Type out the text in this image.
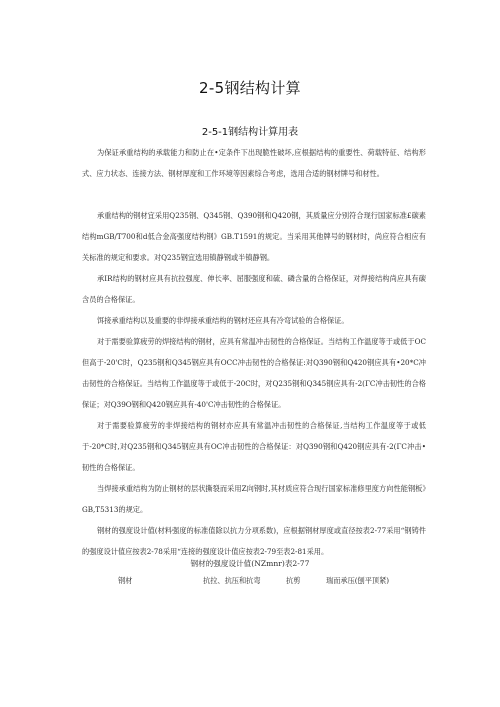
2-5钢结构计算
2-5-1钢结构计算用表

为保证承重结构的承载能力和防止在•定条件下出现脆性破坏,应根据结构的重要性、荷载特征、结构形式、应力状态、连接方法、钢材厚度和工作环境等因素综合考虑，选用合适的钢材牌号和材性。

承重结构的钢材宜采用Q235钢、Q345钢、Q390钢和Q420钢，其质量应分别符合现行国家标准£碳素结构mGB/T700和d低合金高强度结构钢》GB.T1591的规定。当采用其他牌号的钢材时，尚应符合相应有关标准的规定和要求。对Q235钢宜选用镇静钢或半镇静钢。

承IR结构的钢材应具有抗拉强度、伸长率、屈服强度和硫、磷含量的合格保证，对焊接结构尚应具有碳含员的合格保证。

饵接承重结构以及重要的非焊接承重结构的钢材还应具有冷弯试验的合格保证。

对于需要验算疲劳的焊接结构的钢材，应具有常温冲击韧性的合格保证。当结构工作温度等于或低于OC但高于-20'C时，Q235钢和Q345钢应具有OCC冲击韧性的合格保证:对Q390钢和Q420钢应具有•20*C冲击韧性的合格保证。当结构工作温度等于或低于-20C时，对Q235钢和Q345钢应具有-2(ΓC冲击韧性的合格保证；对Q39O钢和Q420钢应具有-40'C冲击韧性的合格保证。

对于需要验算疲劳的非焊接结构的钢材亦应具有常温冲击韧性的合格保证,当结构工作温度等于或低于-20*C时,对Q235钢和Q345钢应具有OC冲击韧性的合格保证：对Q390钢和Q420钢应具有-2(ΓC冲击•韧性的合格保证。

当焊接承重结构为防止钢材的层状撕裂而采用Z向钢时,其材质应符合现行国家标准修里度方向性能钢板》GB,T5313的规定。

钢材的强度设计值(材料强度的标准值除以抗力分项系数)，应根据钢材厚度或直径按表2-77采用“钢铸件的强度设计值应按表2-78采用“连接的强度设计值应按表2-79至表2-81采用。

钢材的强度设计值(NZmnr)表2-77
钢材	抗拉、抗压和抗弯	抗剪	瑞而承压(刨平顶紧)
